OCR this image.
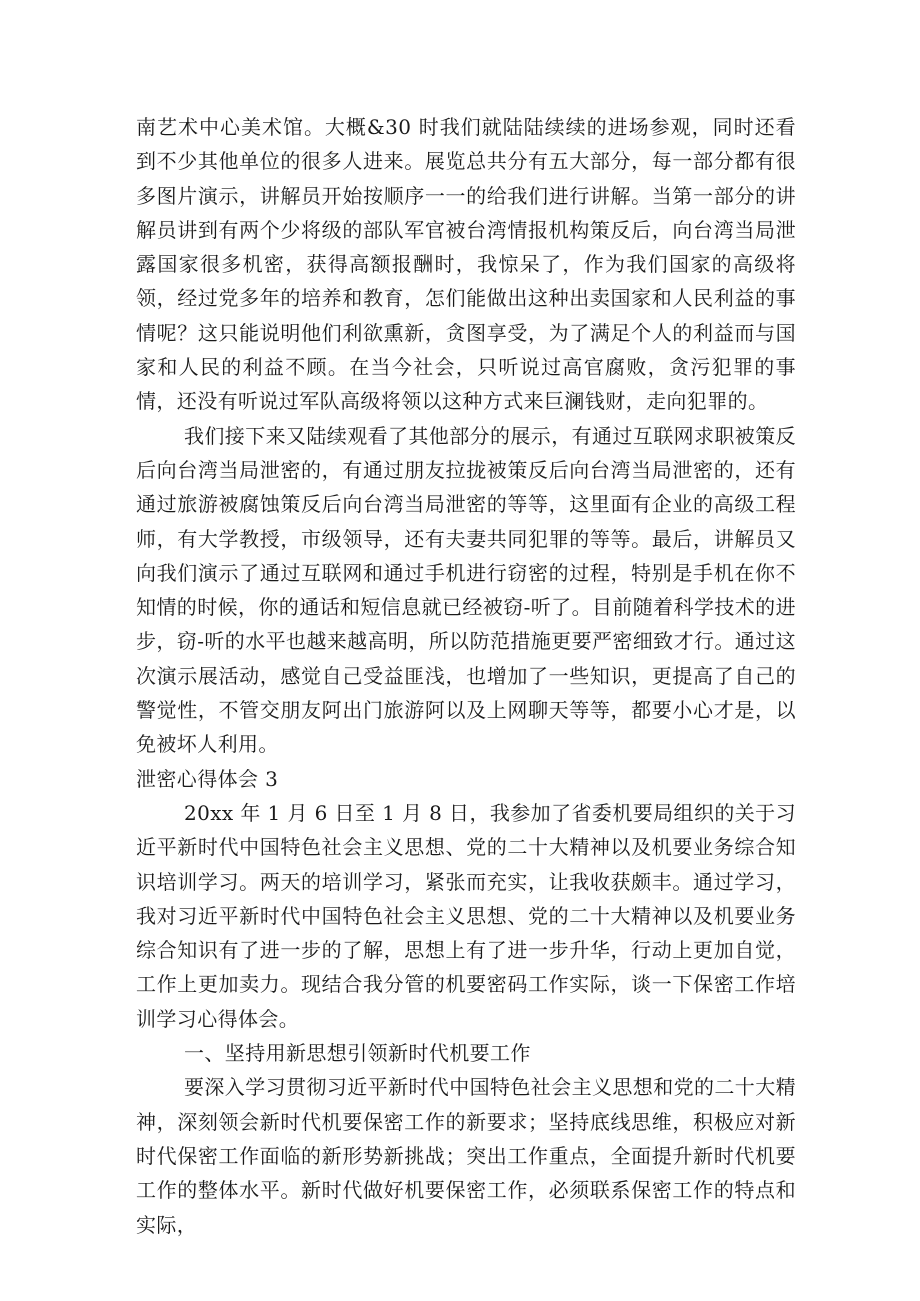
南艺术中心美术馆。大概&30 时我们就陆陆续续的进场参观，同时还看到不少其他单位的很多人进来。展览总共分有五大部分，每一部分都有很多图片演示，讲解员开始按顺序一一的给我们进行讲解。当第一部分的讲解员讲到有两个少将级的部队军官被台湾情报机构策反后，向台湾当局泄露国家很多机密，获得高额报酬时，我惊呆了，作为我们国家的高级将领，经过党多年的培养和教育，怎们能做出这种出卖国家和人民利益的事情呢？这只能说明他们利欲熏新，贪图享受，为了满足个人的利益而与国家和人民的利益不顾。在当今社会，只听说过高官腐败，贪污犯罪的事情，还没有听说过军队高级将领以这种方式来巨澜钱财，走向犯罪的。

我们接下来又陆续观看了其他部分的展示，有通过互联网求职被策反后向台湾当局泄密的，有通过朋友拉拢被策反后向台湾当局泄密的，还有通过旅游被腐蚀策反后向台湾当局泄密的等等，这里面有企业的高级工程师，有大学教授，市级领导，还有夫妻共同犯罪的等等。最后，讲解员又向我们演示了通过互联网和通过手机进行窃密的过程，特别是手机在你不知情的时候，你的通话和短信息就已经被窃-听了。目前随着科学技术的进步，窃-听的水平也越来越高明，所以防范措施更要严密细致才行。通过这次演示展活动，感觉自己受益匪浅，也增加了一些知识，更提高了自己的警觉性，不管交朋友阿出门旅游阿以及上网聊天等等，都要小心才是，以免被坏人利用。

泄密心得体会 3

20xx 年 1 月 6 日至 1 月 8 日，我参加了省委机要局组织的关于习近平新时代中国特色社会主义思想、党的二十大精神以及机要业务综合知识培训学习。两天的培训学习，紧张而充实，让我收获颇丰。通过学习，我对习近平新时代中国特色社会主义思想、党的二十大精神以及机要业务综合知识有了进一步的了解，思想上有了进一步升华，行动上更加自觉，工作上更加卖力。现结合我分管的机要密码工作实际，谈一下保密工作培训学习心得体会。

一、坚持用新思想引领新时代机要工作

要深入学习贯彻习近平新时代中国特色社会主义思想和党的二十大精神，深刻领会新时代机要保密工作的新要求；坚持底线思维，积极应对新时代保密工作面临的新形势新挑战；突出工作重点，全面提升新时代机要工作的整体水平。新时代做好机要保密工作，必须联系保密工作的特点和实际，
